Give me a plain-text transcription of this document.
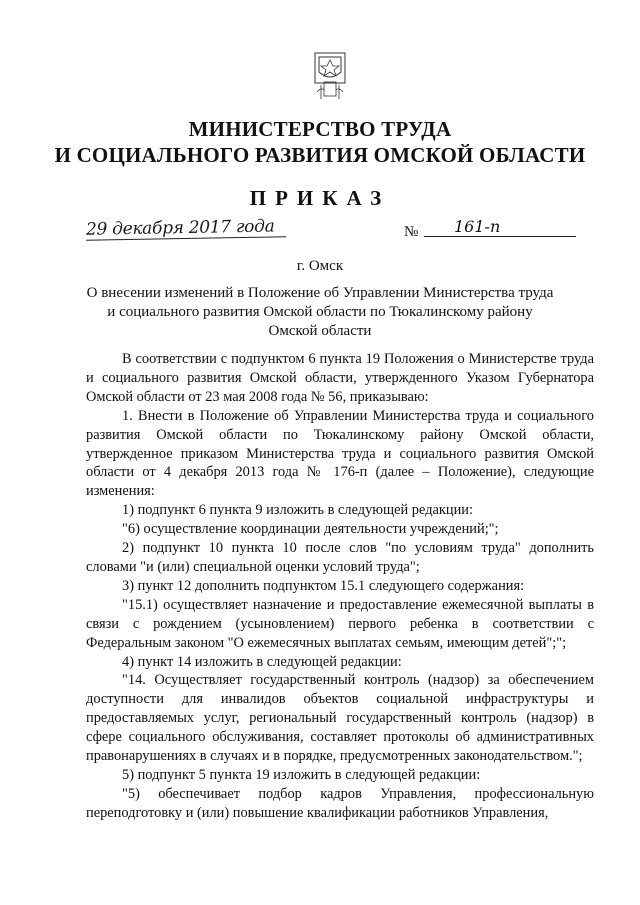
МИНИСТЕРСТВО ТРУДА
И СОЦИАЛЬНОГО РАЗВИТИЯ ОМСКОЙ ОБЛАСТИ
ПРИКАЗ
29 декабря 2017 года	№	161-п
г. Омск
О внесении изменений в Положение об Управлении Министерства труда
и социального развития Омской области по Тюкалинскому району
Омской области

В соответствии с подпунктом 6 пункта 19 Положения о Министерстве труда и социального развития Омской области, утвержденного Указом Губернатора Омской области от 23 мая 2008 года № 56, приказываю:

1. Внести в Положение об Управлении Министерства труда и социального развития Омской области по Тюкалинскому району Омской области, утвержденное приказом Министерства труда и социального развития Омской области от 4 декабря 2013 года № 176-п (далее – Положение), следующие изменения:

1) подпункт 6 пункта 9 изложить в следующей редакции:

"6) осуществление координации деятельности учреждений;";

2) подпункт 10 пункта 10 после слов "по условиям труда" дополнить словами "и (или) специальной оценки условий труда";

3) пункт 12 дополнить подпунктом 15.1 следующего содержания:

"15.1) осуществляет назначение и предоставление ежемесячной выплаты в связи с рождением (усыновлением) первого ребенка в соответствии с Федеральным законом "О ежемесячных выплатах семьям, имеющим детей";";

4) пункт 14 изложить в следующей редакции:

"14. Осуществляет государственный контроль (надзор) за обеспечением доступности для инвалидов объектов социальной инфраструктуры и предоставляемых услуг, региональный государственный контроль (надзор) в сфере социального обслуживания, составляет протоколы об административных правонарушениях в случаях и в порядке, предусмотренных законодательством.";

5) подпункт 5 пункта 19 изложить в следующей редакции:

"5) обеспечивает подбор кадров Управления, профессиональную переподготовку и (или) повышение квалификации работников Управления,
